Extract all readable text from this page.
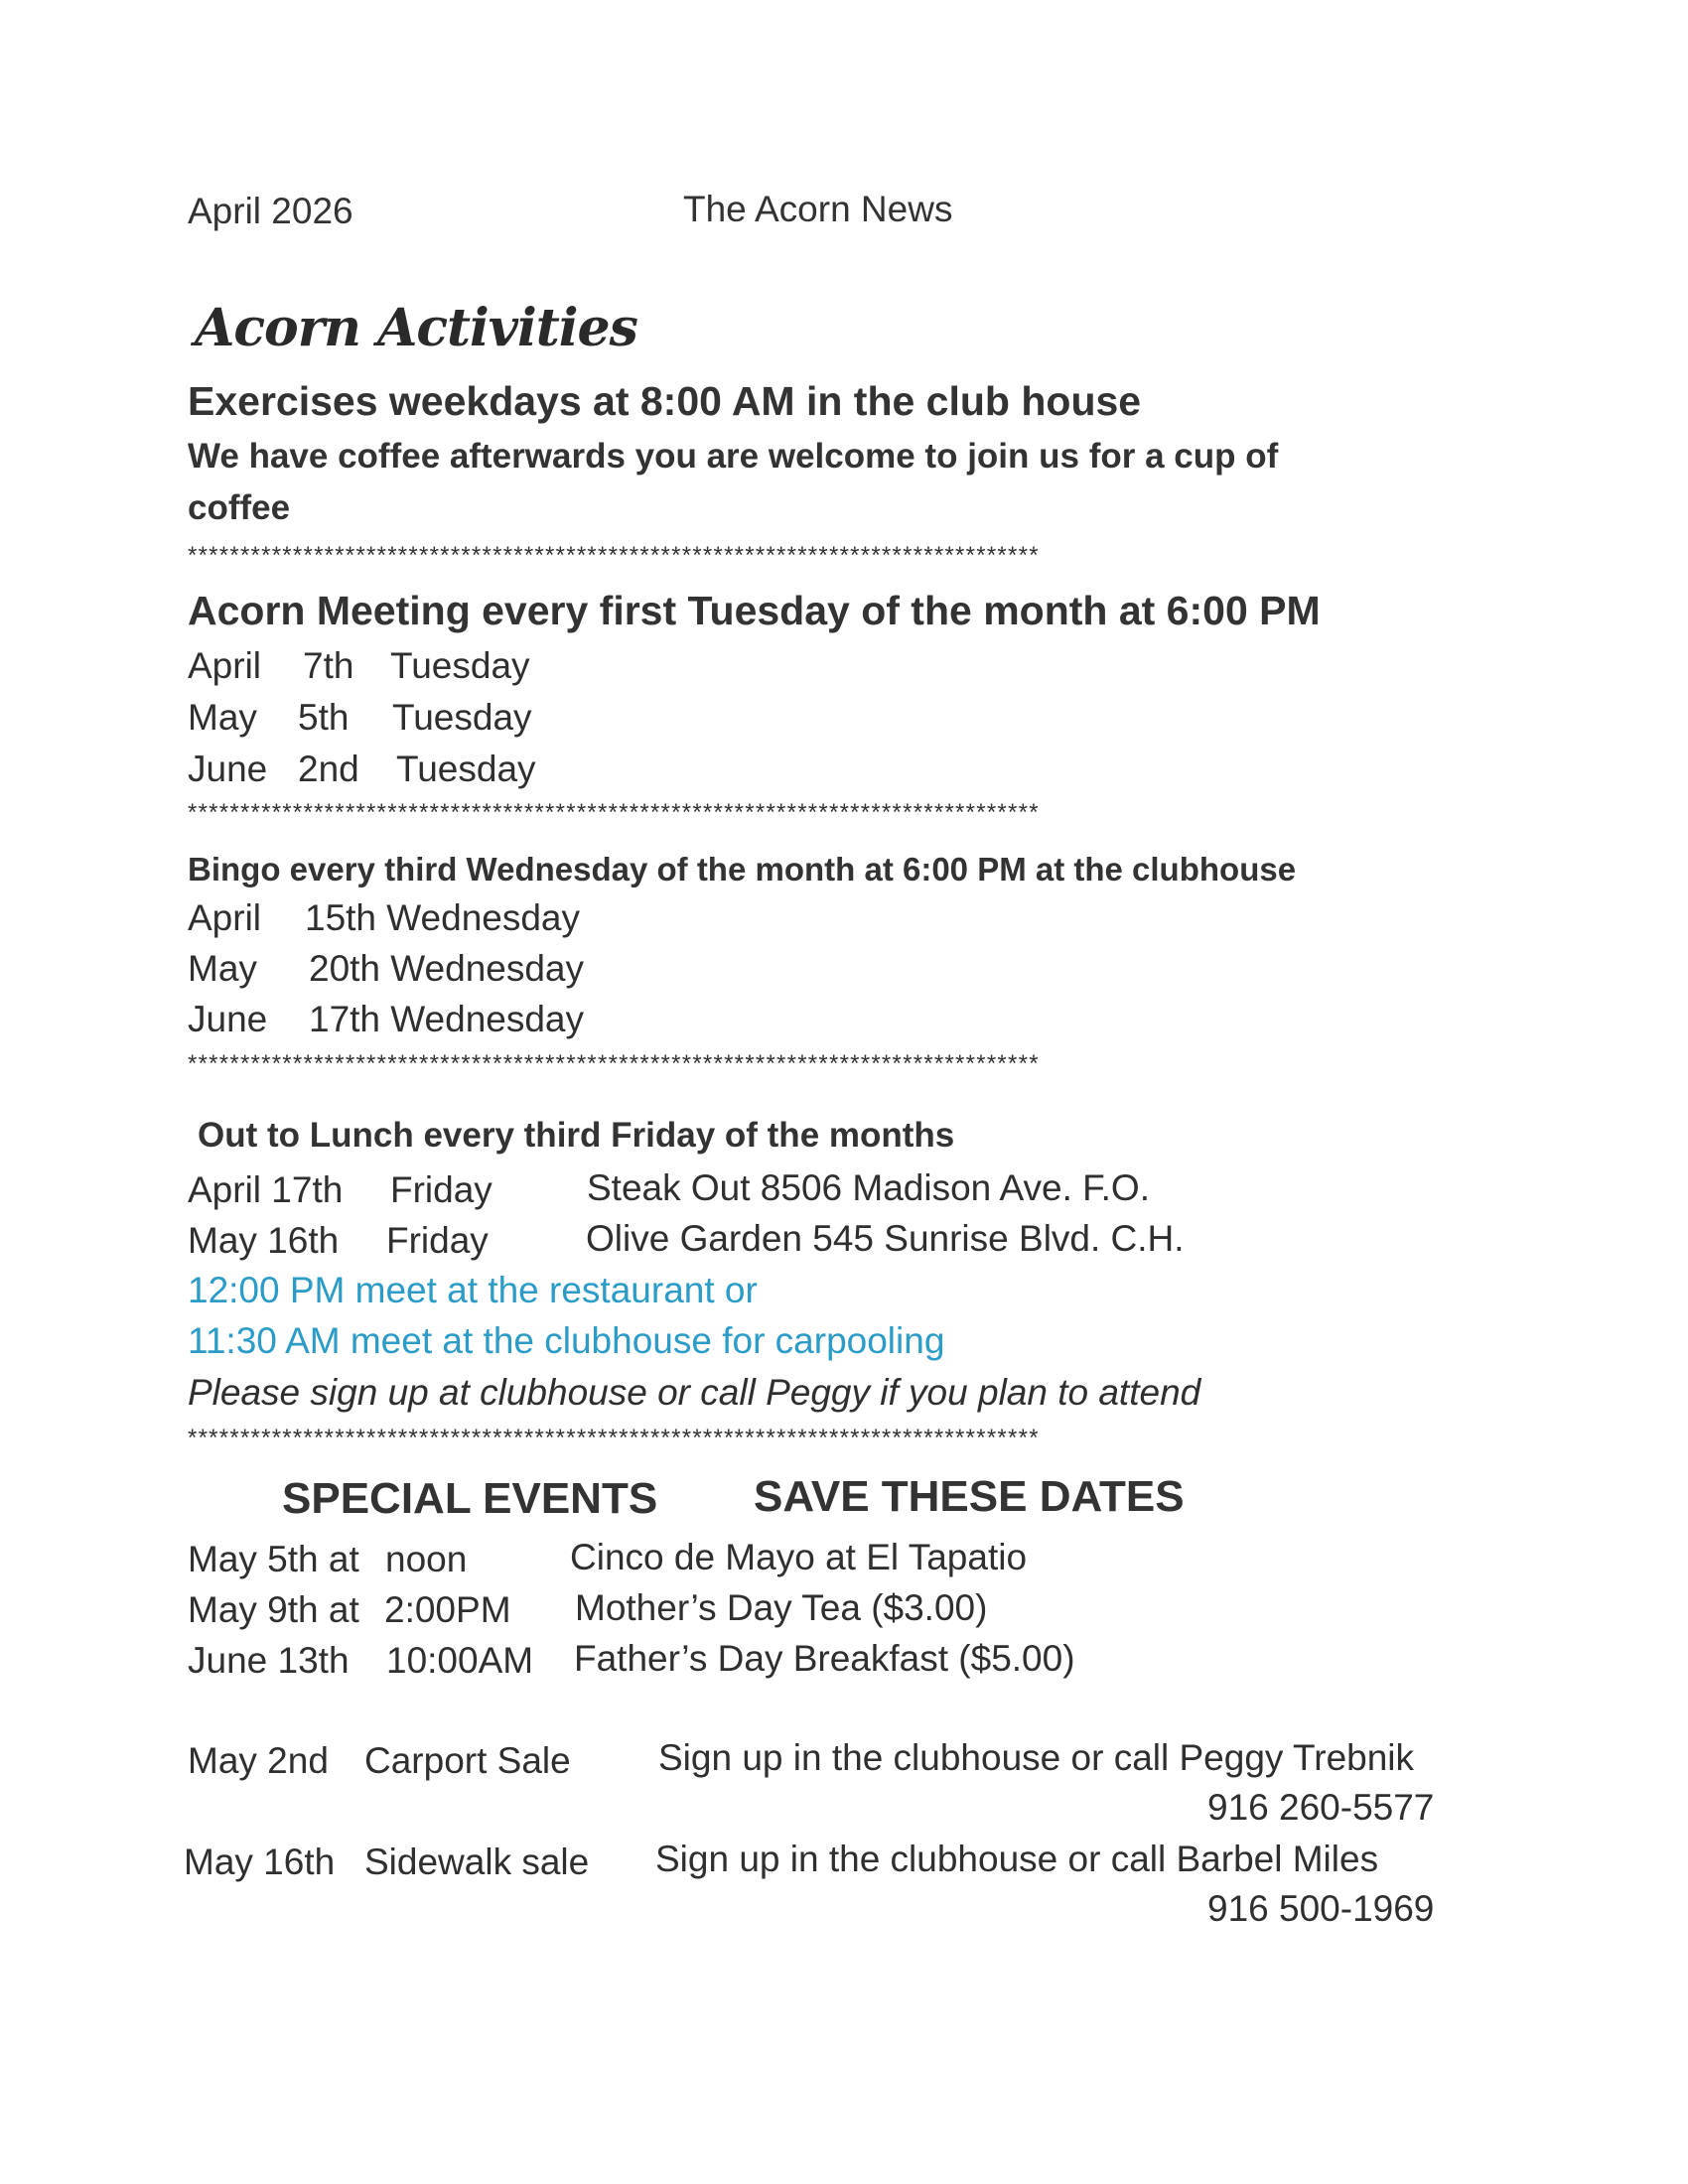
April 2026	The Acorn News
Acorn Activities
Exercises weekdays at 8:00 AM in the club house
We have coffee afterwards you are welcome to join us for a cup of
coffee
*********************************************************************************
Acorn Meeting every first Tuesday of the month at 6:00 PM
April 7th Tuesday
May 5th Tuesday
June 2nd Tuesday
*********************************************************************************
Bingo every third Wednesday of the month at 6:00 PM at the clubhouse
April 15th Wednesday
May 20th Wednesday
June 17th Wednesday
*********************************************************************************
Out to Lunch every third Friday of the months
April 17th Friday	Steak Out 8506 Madison Ave. F.O.
May 16th Friday	Olive Garden 545 Sunrise Blvd. C.H.
12:00 PM meet at the restaurant or
11:30 AM meet at the clubhouse for carpooling
Please sign up at clubhouse or call Peggy if you plan to attend
*********************************************************************************
SPECIAL EVENTS SAVE THESE DATES
May 5th at noon	Cinco de Mayo at El Tapatio
May 9th at 2:00PM Mother’s Day Tea ($3.00)
June 13th 10:00AM Father’s Day Breakfast ($5.00)
May 2nd Carport Sale Sign up in the clubhouse or call Peggy Trebnik
916 260-5577
May 16th Sidewalk sale Sign up in the clubhouse or call Barbel Miles
916 500-1969
